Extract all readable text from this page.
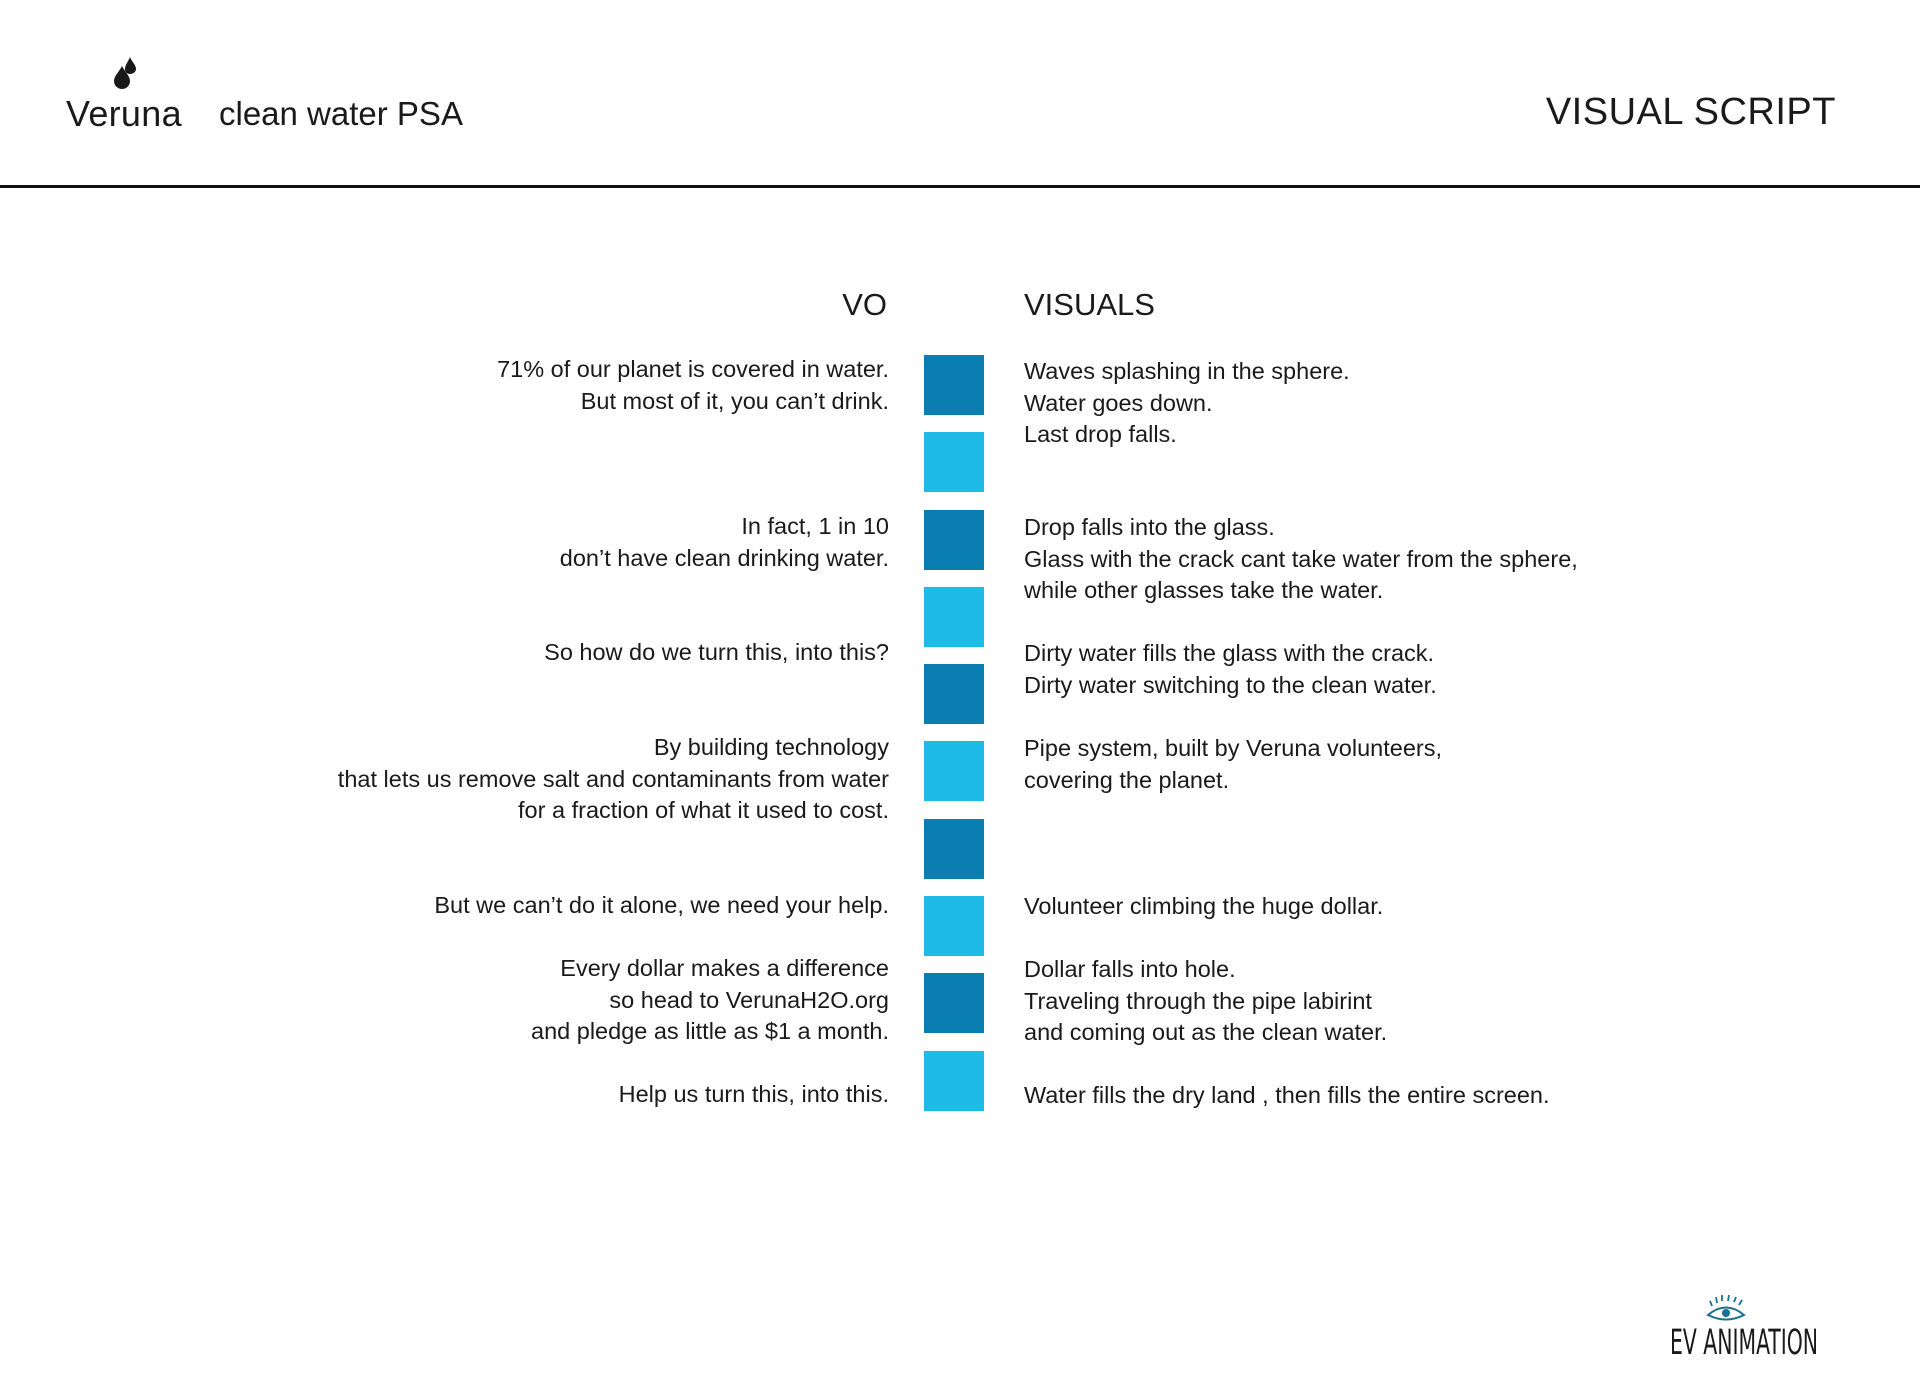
Veruna clean water PSA	VISUAL SCRIPT
VO	VISUALS
71% of our planet is covered in water.
But most of it, you can’t drink.
In fact, 1 in 10
don’t have clean drinking water.
So how do we turn this, into this?
By building technology
that lets us remove salt and contaminants from water
for a fraction of what it used to cost.
But we can’t do it alone, we need your help.
Every dollar makes a difference
so head to VerunaH2O.org
and pledge as little as $1 a month.
Help us turn this, into this.
Waves splashing in the sphere.
Water goes down.
Last drop falls.
Drop falls into the glass.
Glass with the crack cant take water from the sphere,
while other glasses take the water.
Dirty water fills the glass with the crack.
Dirty water switching to the clean water.
Pipe system, built by Veruna volunteers,
covering the planet.
Volunteer climbing the huge dollar.
Dollar falls into hole.
Traveling through the pipe labirint
and coming out as the clean water.
Water fills the dry land , then fills the entire screen.
EV ANIMATION
